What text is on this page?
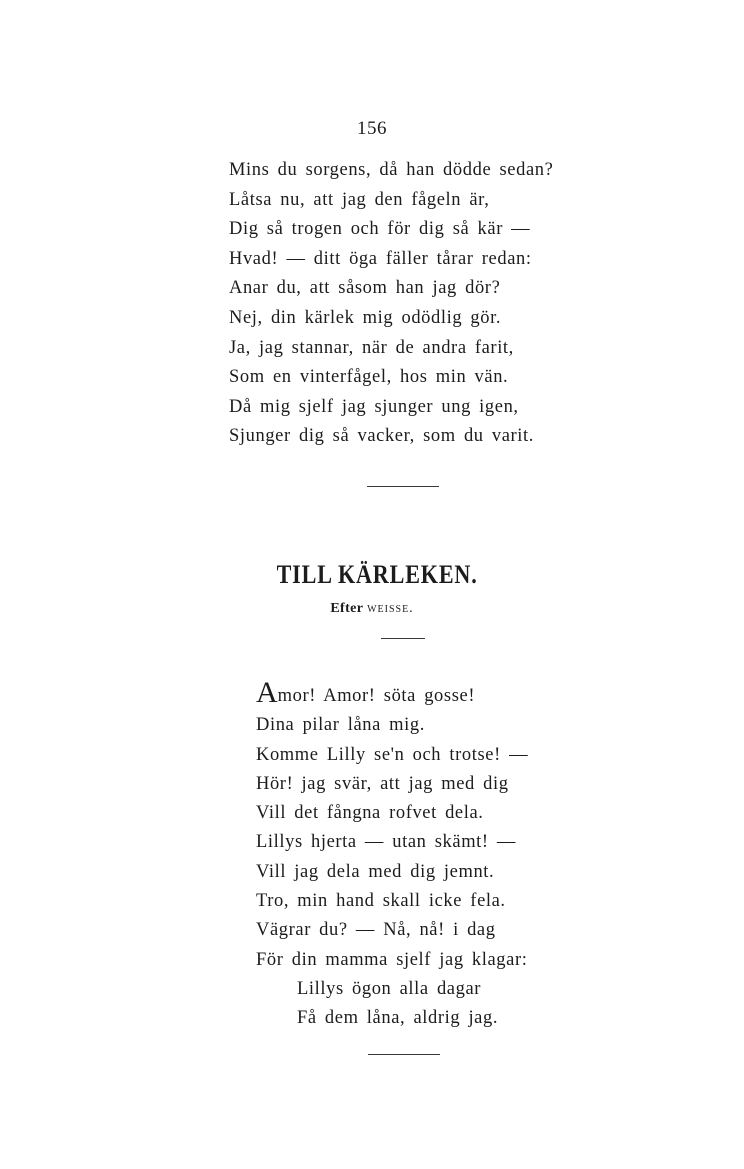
156
Mins du sorgens, då han dödde sedan?
Låtsa nu, att jag den fågeln är,
Dig så trogen och för dig så kär —
Hvad! — ditt öga fäller tårar redan:
Anar du, att såsom han jag dör?
Nej, din kärlek mig odödlig gör.
Ja, jag stannar, när de andra farit,
Som en vinterfågel, hos min vän.
Då mig sjelf jag sjunger ung igen,
Sjunger dig så vacker, som du varit.
TILL KÄRLEKEN.
Efter weisse.
Amor! Amor! söta gosse!
Dina pilar låna mig.
Komme Lilly se'n och trotse! —
Hör! jag svär, att jag med dig
Vill det fångna rofvet dela.
Lillys hjerta — utan skämt! —
Vill jag dela med dig jemnt.
Tro, min hand skall icke fela.
Vägrar du? — Nå, nå! i dag
För din mamma sjelf jag klagar:
Lillys ögon alla dagar
Få dem låna, aldrig jag.
